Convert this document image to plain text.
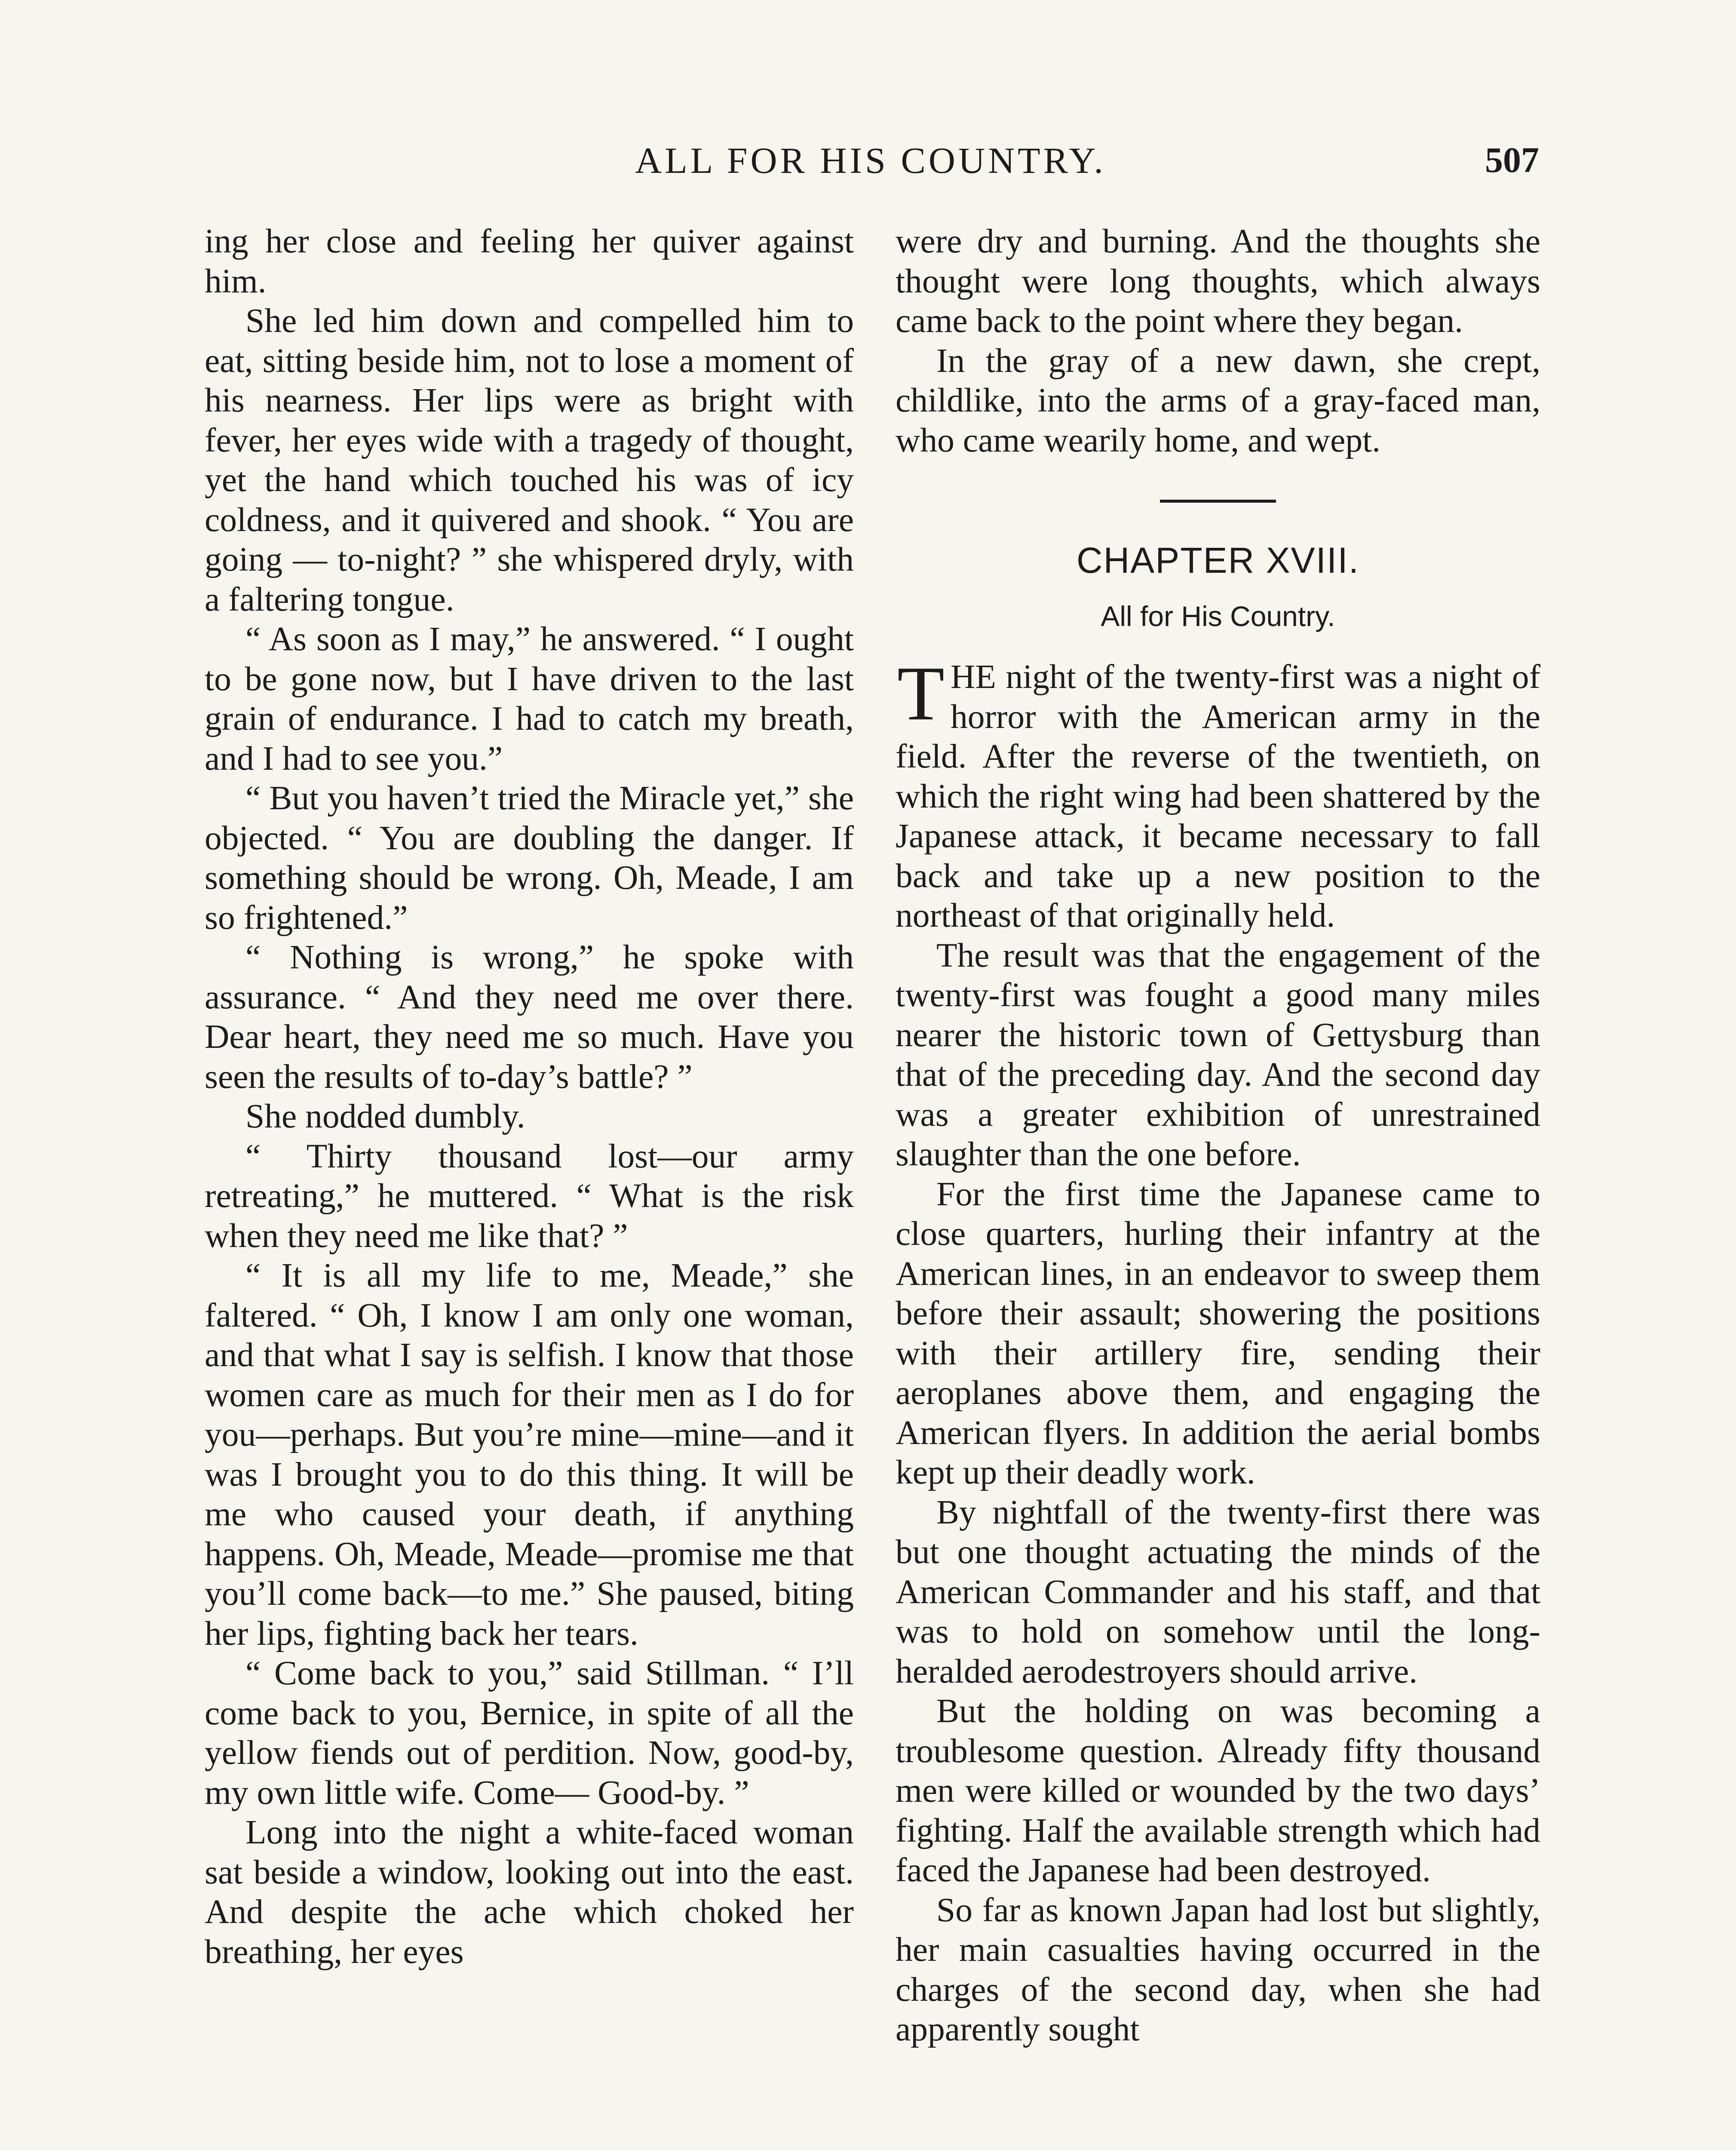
ALL FOR HIS COUNTRY.	507

ing her close and feeling her quiver against him.

She led him down and compelled him to eat, sitting beside him, not to lose a moment of his nearness. Her lips were as bright with fever, her eyes wide with a tragedy of thought, yet the hand which touched his was of icy coldness, and it quivered and shook. “ You are going — to-night? ” she whispered dryly, with a faltering tongue.

“ As soon as I may,” he answered. “ I ought to be gone now, but I have driven to the last grain of endurance. I had to catch my breath, and I had to see you.”

“ But you haven’t tried the Miracle yet,” she objected. “ You are doubling the danger. If something should be wrong. Oh, Meade, I am so frightened.”

“ Nothing is wrong,” he spoke with assurance. “ And they need me over there. Dear heart, they need me so much. Have you seen the results of to-day’s battle? ”

She nodded dumbly.

“ Thirty thousand lost—our army retreating,” he muttered. “ What is the risk when they need me like that? ”

“ It is all my life to me, Meade,” she faltered. “ Oh, I know I am only one woman, and that what I say is selfish. I know that those women care as much for their men as I do for you—perhaps. But you’re mine—mine—and it was I brought you to do this thing. It will be me who caused your death, if anything happens. Oh, Meade, Meade—promise me that you’ll come back—to me.” She paused, biting her lips, fighting back her tears.

“ Come back to you,” said Stillman. “ I’ll come back to you, Bernice, in spite of all the yellow fiends out of perdition. Now, good-by, my own little wife. Come— Good-by. ”

Long into the night a white-faced woman sat beside a window, looking out into the east. And despite the ache which choked her breathing, her eyes

were dry and burning. And the thoughts she thought were long thoughts, which always came back to the point where they began.

In the gray of a new dawn, she crept, childlike, into the arms of a gray-faced man, who came wearily home, and wept.

CHAPTER XVIII.
All for His Country.

THE night of the twenty-first was a night of horror with the American army in the field. After the reverse of the twentieth, on which the right wing had been shattered by the Japanese attack, it became necessary to fall back and take up a new position to the northeast of that originally held.

The result was that the engagement of the twenty-first was fought a good many miles nearer the historic town of Gettysburg than that of the preceding day. And the second day was a greater exhibition of unrestrained slaughter than the one before.

For the first time the Japanese came to close quarters, hurling their infantry at the American lines, in an endeavor to sweep them before their assault; showering the positions with their artillery fire, sending their aeroplanes above them, and engaging the American flyers. In addition the aerial bombs kept up their deadly work.

By nightfall of the twenty-first there was but one thought actuating the minds of the American Commander and his staff, and that was to hold on somehow until the long-heralded aerodestroyers should arrive.

But the holding on was becoming a troublesome question. Already fifty thousand men were killed or wounded by the two days’ fighting. Half the available strength which had faced the Japanese had been destroyed.

So far as known Japan had lost but slightly, her main casualties having occurred in the charges of the second day, when she had apparently sought
